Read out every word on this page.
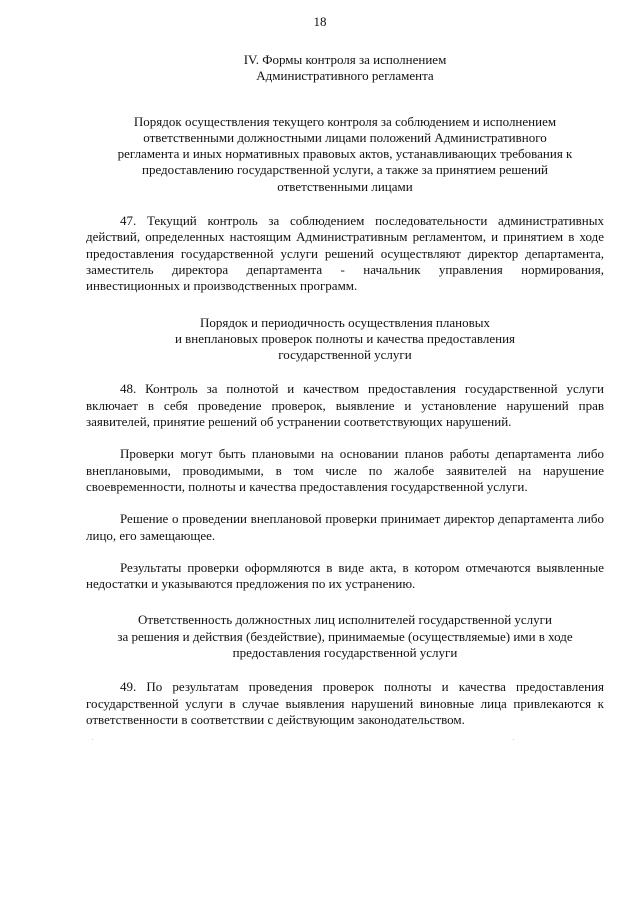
18
IV. Формы контроля за исполнением
Административного регламента
Порядок осуществления текущего контроля за соблюдением и исполнением
ответственными должностными лицами положений Административного
регламента и иных нормативных правовых актов, устанавливающих требования к
предоставлению государственной услуги, а также за принятием решений
ответственными лицами

47. Текущий контроль за соблюдением последовательности административных действий, определенных настоящим Административным регламентом, и принятием в ходе предоставления государственной услуги решений осуществляют директор департамента, заместитель директора департамента - начальник управления нормирования, инвестиционных и производственных программ.

Порядок и периодичность осуществления плановых
и внеплановых проверок полноты и качества предоставления
государственной услуги

48. Контроль за полнотой и качеством предоставления государственной услуги включает в себя проведение проверок, выявление и установление нарушений прав заявителей, принятие решений об устранении соответствующих нарушений.

Проверки могут быть плановыми на основании планов работы департамента либо внеплановыми, проводимыми, в том числе по жалобе заявителей на нарушение своевременности, полноты и качества предоставления государственной услуги.

Решение о проведении внеплановой проверки принимает директор департамента либо лицо, его замещающее.

Результаты проверки оформляются в виде акта, в котором отмечаются выявленные недостатки и указываются предложения по их устранению.

Ответственность должностных лиц исполнителей государственной услуги
за решения и действия (бездействие), принимаемые (осуществляемые) ими в ходе
предоставления государственной услуги

49. По результатам проведения проверок полноты и качества предоставления государственной услуги в случае выявления нарушений виновные лица привлекаются к ответственности в соответствии с действующим законодательством.
